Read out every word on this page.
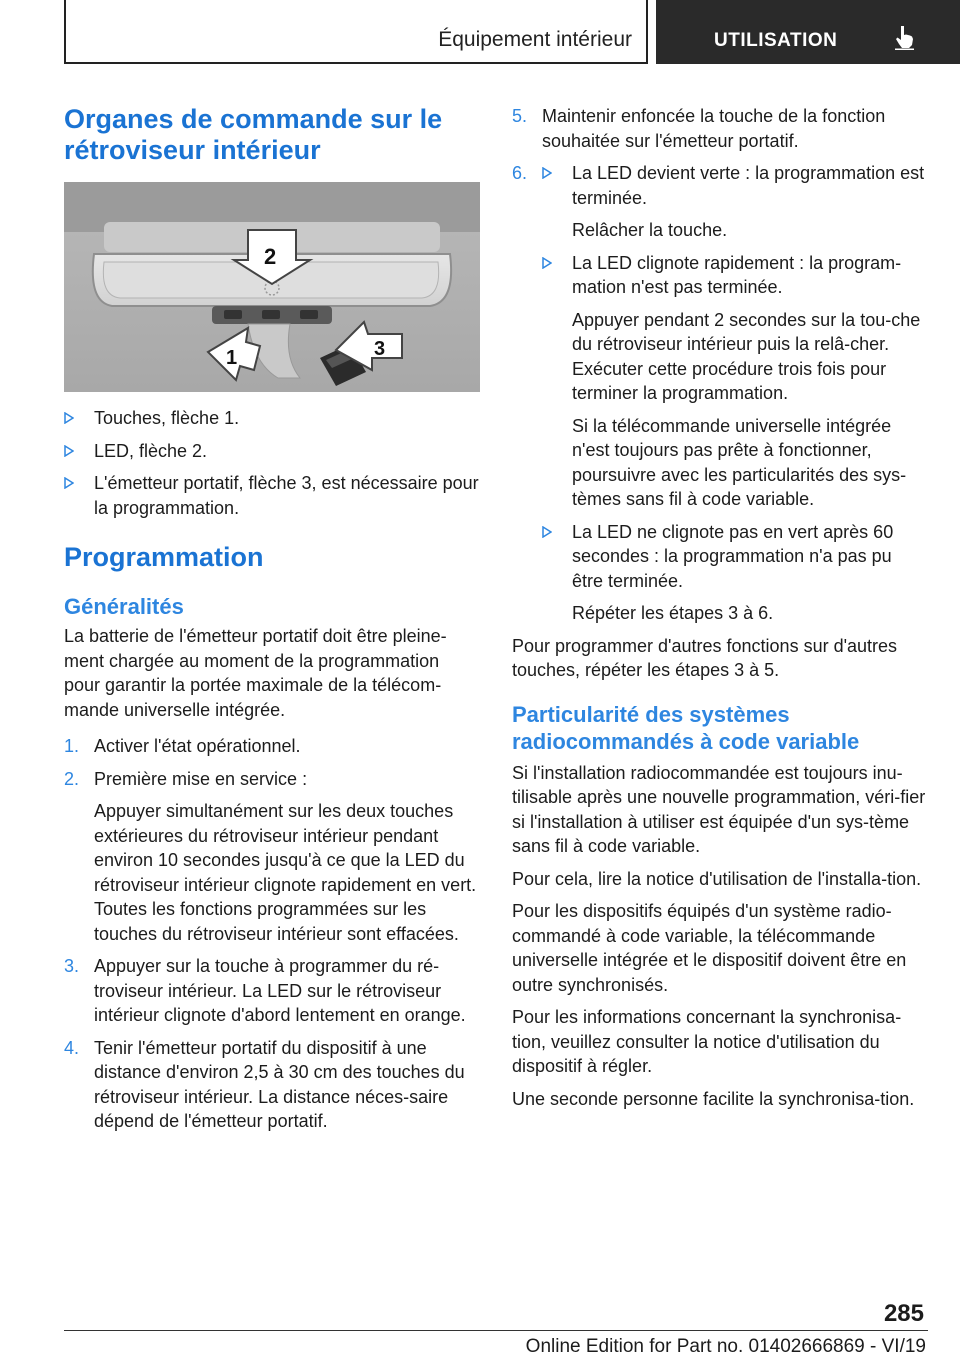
Équipement intérieur	UTILISATION
Organes de commande sur le rétroviseur intérieur
2
1	3
Touches, flèche 1.
LED, flèche 2.
L'émetteur portatif, flèche 3, est nécessaire pour la programmation.
Programmation
Généralités

La batterie de l'émetteur portatif doit être pleine-ment chargée au moment de la programmation pour garantir la portée maximale de la télécom-mande universelle intégrée.

1. Activer l'état opérationnel.

2. Première mise en service :

Appuyer simultanément sur les deux touches extérieures du rétroviseur intérieur pendant environ 10 secondes jusqu'à ce que la LED du rétroviseur intérieur clignote rapidement en vert. Toutes les fonctions programmées sur les touches du rétroviseur intérieur sont effacées.

3. Appuyer sur la touche à programmer du ré-troviseur intérieur. La LED sur le rétroviseur intérieur clignote d'abord lentement en orange.

4. Tenir l'émetteur portatif du dispositif à une distance d'environ 2,5 à 30 cm des touches du rétroviseur intérieur. La distance néces-saire dépend de l'émetteur portatif.

5. Maintenir enfoncée la touche de la fonction souhaitée sur l'émetteur portatif.

6. La LED devient verte : la programmation est terminée.

Relâcher la touche.

La LED clignote rapidement : la program-mation n'est pas terminée.

Appuyer pendant 2 secondes sur la tou-che du rétroviseur intérieur puis la relâ-cher. Exécuter cette procédure trois fois pour terminer la programmation.

Si la télécommande universelle intégrée n'est toujours pas prête à fonctionner, poursuivre avec les particularités des sys-tèmes sans fil à code variable.

La LED ne clignote pas en vert après 60 secondes : la programmation n'a pas pu être terminée.

Répéter les étapes 3 à 6.

Pour programmer d'autres fonctions sur d'autres touches, répéter les étapes 3 à 5.

Particularité des systèmes radiocommandés à code variable

Si l'installation radiocommandée est toujours inu-tilisable après une nouvelle programmation, véri-fier si l'installation à utiliser est équipée d'un sys-tème sans fil à code variable.

Pour cela, lire la notice d'utilisation de l'installa-tion.

Pour les dispositifs équipés d'un système radio-commandé à code variable, la télécommande universelle intégrée et le dispositif doivent être en outre synchronisés.

Pour les informations concernant la synchronisa-tion, veuillez consulter la notice d'utilisation du dispositif à régler.

Une seconde personne facilite la synchronisa-tion.

285
Online Edition for Part no. 01402666869 - VI/19
